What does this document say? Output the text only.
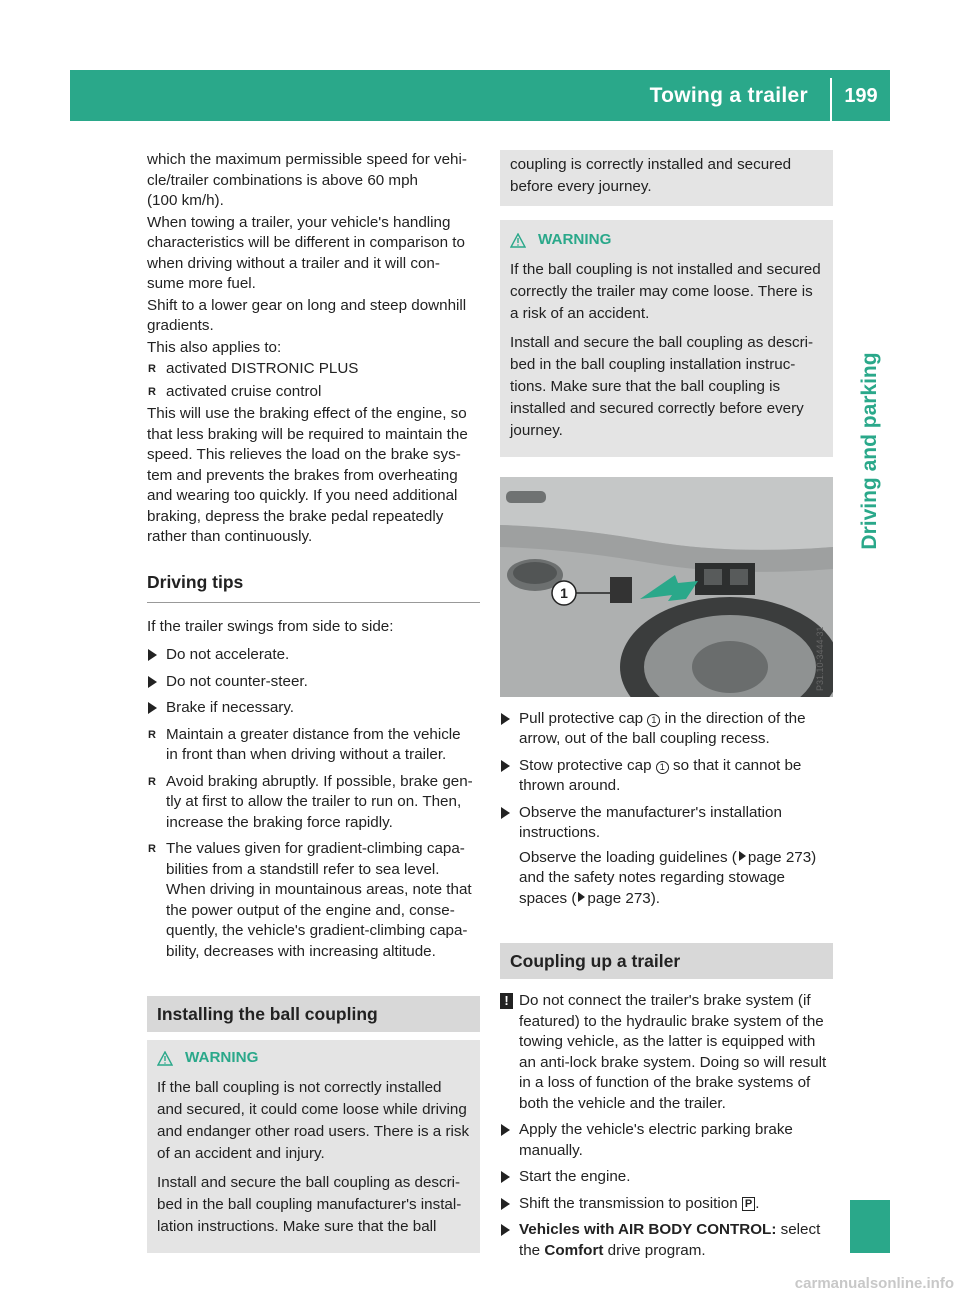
Towing a trailer	199
Driving and parking

which the maximum permissible speed for vehi-
cle/trailer combinations is above 60 mph
(100 km/h).

When towing a trailer, your vehicle's handling
characteristics will be different in comparison to
when driving without a trailer and it will con-
sume more fuel.

Shift to a lower gear on long and steep downhill
gradients.

This also applies to:

R activated DISTRONIC PLUS
R activated cruise control

This will use the braking effect of the engine, so
that less braking will be required to maintain the
speed. This relieves the load on the brake sys-
tem and prevents the brakes from overheating
and wearing too quickly. If you need additional
braking, depress the brake pedal repeatedly
rather than continuously.

Driving tips

If the trailer swings from side to side:

Do not accelerate.
Do not counter-steer.
Brake if necessary.
R Maintain a greater distance from the vehicle
in front than when driving without a trailer.
R Avoid braking abruptly. If possible, brake gen-
tly at first to allow the trailer to run on. Then,
increase the braking force rapidly.
R The values given for gradient-climbing capa-
bilities from a standstill refer to sea level.
When driving in mountainous areas, note that
the power output of the engine and, conse-
quently, the vehicle's gradient-climbing capa-
bility, decreases with increasing altitude.
Installing the ball coupling
WARNING

If the ball coupling is not correctly installed
and secured, it could come loose while driving
and endanger other road users. There is a risk
of an accident and injury.

Install and secure the ball coupling as descri-
bed in the ball coupling manufacturer's instal-
lation instructions. Make sure that the ball

coupling is correctly installed and secured
before every journey.
WARNING

If the ball coupling is not installed and secured
correctly the trailer may come loose. There is
a risk of an accident.

Install and secure the ball coupling as descri-
bed in the ball coupling installation instruc-
tions. Make sure that the ball coupling is
installed and secured correctly before every
journey.

1
P31.10-3444-31
Pull protective cap 1 in the direction of the
arrow, out of the ball coupling recess.
Stow protective cap 1 so that it cannot be
thrown around.
Observe the manufacturer's installation
instructions.
Observe the loading guidelines ( page 273)
and the safety notes regarding stowage
spaces ( page 273).
Coupling up a trailer
! Do not connect the trailer's brake system (if
featured) to the hydraulic brake system of the
towing vehicle, as the latter is equipped with
an anti-lock brake system. Doing so will result
in a loss of function of the brake systems of
both the vehicle and the trailer.
Apply the vehicle's electric parking brake
manually.
Start the engine.
Shift the transmission to position P .
Vehicles with AIR BODY CONTROL: select
the Comfort drive program.
carmanualsonline.info
